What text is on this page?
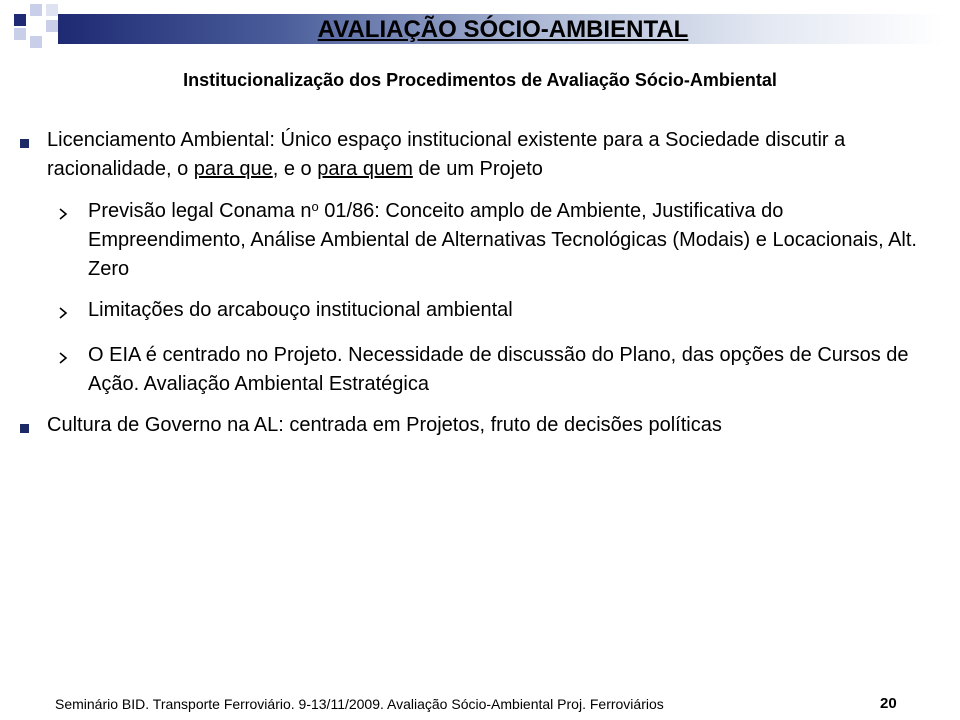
AVALIAÇÃO SÓCIO-AMBIENTAL
Institucionalização dos Procedimentos de Avaliação Sócio-Ambiental
Licenciamento Ambiental: Único espaço institucional existente para a Sociedade discutir a racionalidade, o para que, e o para quem de um Projeto
Previsão legal Conama $n^o$ 01/86: Conceito amplo de Ambiente, Justificativa do Empreendimento, Análise Ambiental de Alternativas Tecnológicas (Modais) e Locacionais, Alt. Zero
Limitações do arcabouço institucional ambiental
O EIA é centrado no Projeto. Necessidade de discussão do Plano, das opções de Cursos de Ação. Avaliação Ambiental Estratégica
Cultura de Governo na AL: centrada em Projetos, fruto de decisões políticas
Seminário BID. Transporte Ferroviário. 9-13/11/2009. Avaliação Sócio-Ambiental Proj. Ferroviários	20
